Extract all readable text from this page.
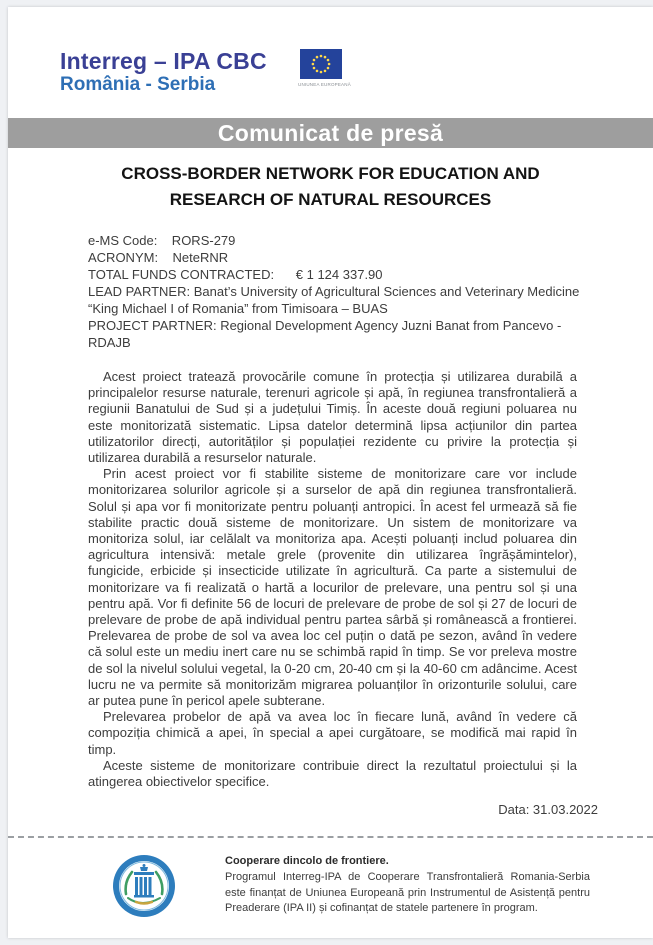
Interreg – IPA CBC
România - Serbia	UNIUNEA EUROPEANĂ
Comunicat de presă
CROSS-BORDER NETWORK FOR EDUCATION AND RESEARCH OF NATURAL RESOURCES
e-MS Code:    RORS-279
ACRONYM:    NeteRNR
TOTAL FUNDS CONTRACTED:      € 1 124 337.90
LEAD PARTNER: Banat’s University of Agricultural Sciences and Veterinary Medicine “King Michael I of Romania” from Timisoara – BUAS
PROJECT PARTNER: Regional Development Agency Juzni Banat from Pancevo - RDAJB

Acest proiect tratează provocările comune în protecția și utilizarea durabilă a principalelor resurse naturale, terenuri agricole și apă, în regiunea transfrontalieră a regiunii Banatului de Sud și a județului Timiș. În aceste două regiuni poluarea nu este monitorizată sistematic. Lipsa datelor determină lipsa acțiunilor din partea utilizatorilor direcți, autorităților și populației rezidente cu privire la protecția și utilizarea durabilă a resurselor naturale.

Prin acest proiect vor fi stabilite sisteme de monitorizare care vor include monitorizarea solurilor agricole și a surselor de apă din regiunea transfrontalieră. Solul și apa vor fi monitorizate pentru poluanți antropici. În acest fel urmează să fie stabilite practic două sisteme de monitorizare. Un sistem de monitorizare va monitoriza solul, iar celălalt va monitoriza apa. Acești poluanți includ poluarea din agricultura intensivă: metale grele (provenite din utilizarea îngrășămintelor), fungicide, erbicide și insecticide utilizate în agricultură. Ca parte a sistemului de monitorizare va fi realizată o hartă a locurilor de prelevare, una pentru sol și una pentru apă. Vor fi definite 56 de locuri de prelevare de probe de sol și 27 de locuri de prelevare de probe de apă individual pentru partea sârbă și românească a frontierei. Prelevarea de probe de sol va avea loc cel puțin o dată pe sezon, având în vedere că solul este un mediu inert care nu se schimbă rapid în timp. Se vor preleva mostre de sol la nivelul solului vegetal, la 0-20 cm, 20-40 cm și la 40-60 cm adâncime. Acest lucru ne va permite să monitorizăm migrarea poluanților în orizonturile solului, care ar putea pune în pericol apele subterane.

Prelevarea probelor de apă va avea loc în fiecare lună, având în vedere că compoziția chimică a apei, în special a apei curgătoare, se modifică mai rapid în timp.

Aceste sisteme de monitorizare contribuie direct la rezultatul proiectului și la atingerea obiectivelor specifice.

Data: 31.03.2022
Cooperare dincolo de frontiere.
Programul Interreg-IPA de Cooperare Transfrontalieră Romania-Serbia este finanțat de Uniunea Europeană prin Instrumentul de Asistență pentru Preaderare (IPA II) și cofinanțat de statele partenere în program.
